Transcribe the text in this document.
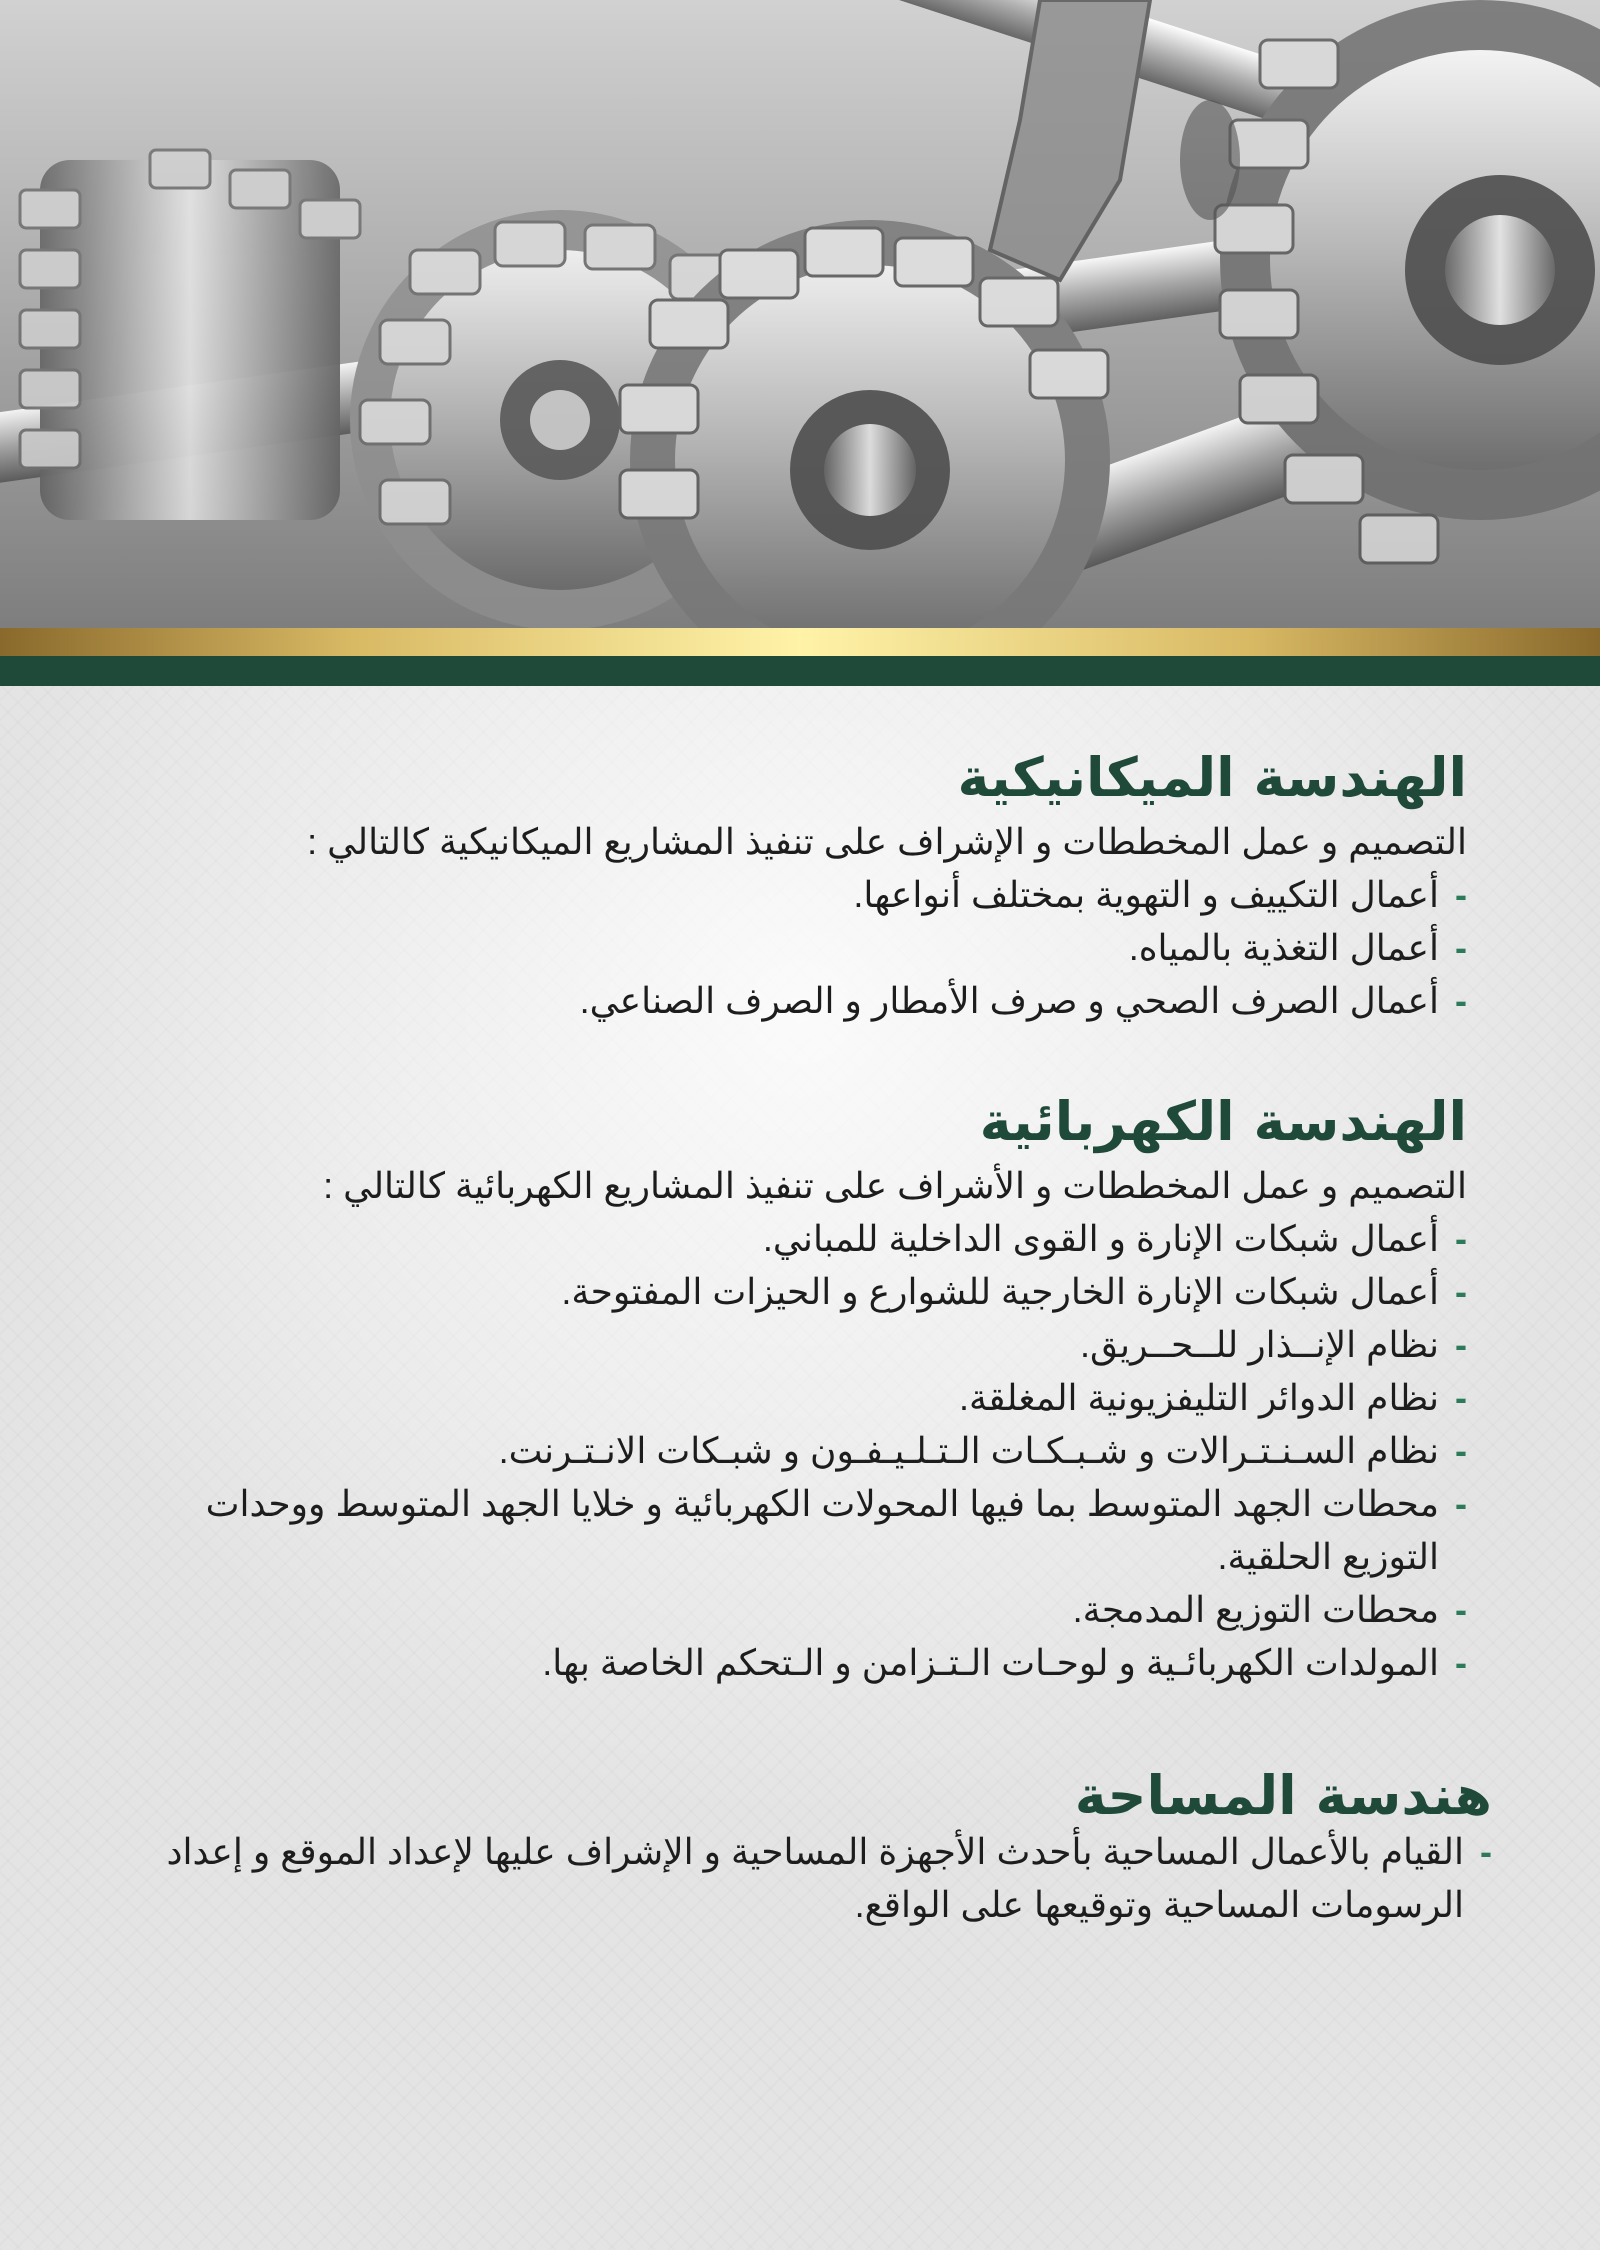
الهندسة الميكانيكية
التصميم و عمل المخططات و الإشراف على تنفيذ المشاريع الميكانيكية كالتالي :
-
أعمال التكييف و التهوية بمختلف أنواعها.
-
أعمال التغذية بالمياه.
-
أعمال الصرف الصحي و صرف الأمطار و الصرف الصناعي.
الهندسة الكهربائية
التصميم و عمل المخططات و الأشراف على تنفيذ المشاريع الكهربائية كالتالي :
-
أعمال شبكات الإنارة و القوى الداخلية للمباني.
-
أعمال شبكات الإنارة الخارجية للشوارع و الحيزات المفتوحة.
-
نظام الإنــذار للــحــريق.
-
نظام الدوائر التليفزيونية المغلقة.
-
نظام السـنـتـرالات و شـبـكـات الـتـلـيـفـون و شبـكات الانـتـرنت.
-
محطات الجهد المتوسط بما فيها المحولات الكهربائية و خلايا الجهد المتوسط ووحدات التوزيع الحلقية.
-
محطات التوزيع المدمجة.
-
المولدات الكهربائـية و لوحـات الـتـزامن و الـتحكم الخاصة بها.
هندسة المساحة
-
القيام بالأعمال المساحية بأحدث الأجهزة المساحية و الإشراف عليها لإعداد الموقع و إعداد الرسومات المساحية وتوقيعها على الواقع.
